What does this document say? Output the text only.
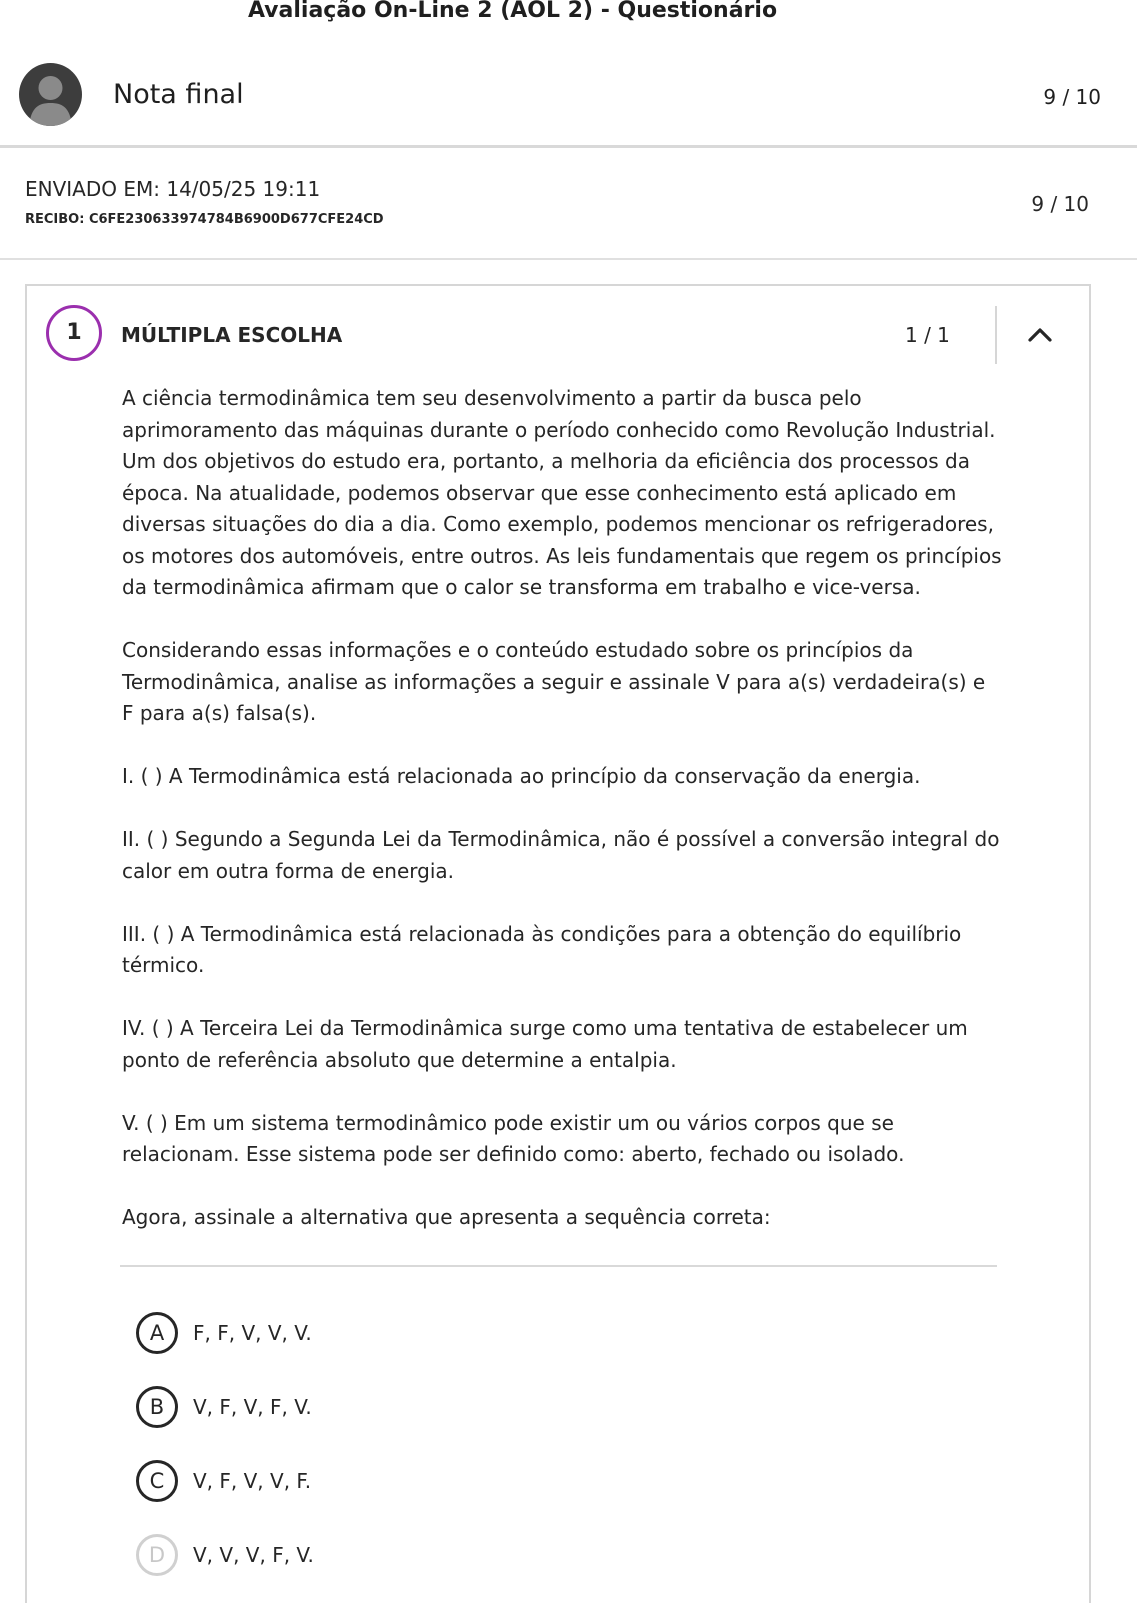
Avaliação On-Line 2 (AOL 2) - Questionário
Nota final	9 / 10
ENVIADO EM: 14/05/25 19:11
RECIBO: C6FE230633974784B6900D677CFE24CD
9 / 10
1	MÚLTIPLA ESCOLHA	1 / 1

A ciência termodinâmica tem seu desenvolvimento a partir da busca pelo aprimoramento das máquinas durante o período conhecido como Revolução Industrial. Um dos objetivos do estudo era, portanto, a melhoria da eficiência dos processos da época. Na atualidade, podemos observar que esse conhecimento está aplicado em diversas situações do dia a dia. Como exemplo, podemos mencionar os refrigeradores, os motores dos automóveis, entre outros. As leis fundamentais que regem os princípios da termodinâmica afirmam que o calor se transforma em trabalho e vice-versa.

Considerando essas informações e o conteúdo estudado sobre os princípios da Termodinâmica, analise as informações a seguir e assinale V para a(s) verdadeira(s) e F para a(s) falsa(s).

I. ( ) A Termodinâmica está relacionada ao princípio da conservação da energia.

II. ( ) Segundo a Segunda Lei da Termodinâmica, não é possível a conversão integral do calor em outra forma de energia.

III. ( ) A Termodinâmica está relacionada às condições para a obtenção do equilíbrio térmico.

IV. ( ) A Terceira Lei da Termodinâmica surge como uma tentativa de estabelecer um ponto de referência absoluto que determine a entalpia.

V. ( ) Em um sistema termodinâmico pode existir um ou vários corpos que se relacionam. Esse sistema pode ser definido como: aberto, fechado ou isolado.

Agora, assinale a alternativa que apresenta a sequência correta:

A	F, F, V, V, V.
B	V, F, V, F, V.
C	V, F, V, V, F.
D	V, V, V, F, V.
